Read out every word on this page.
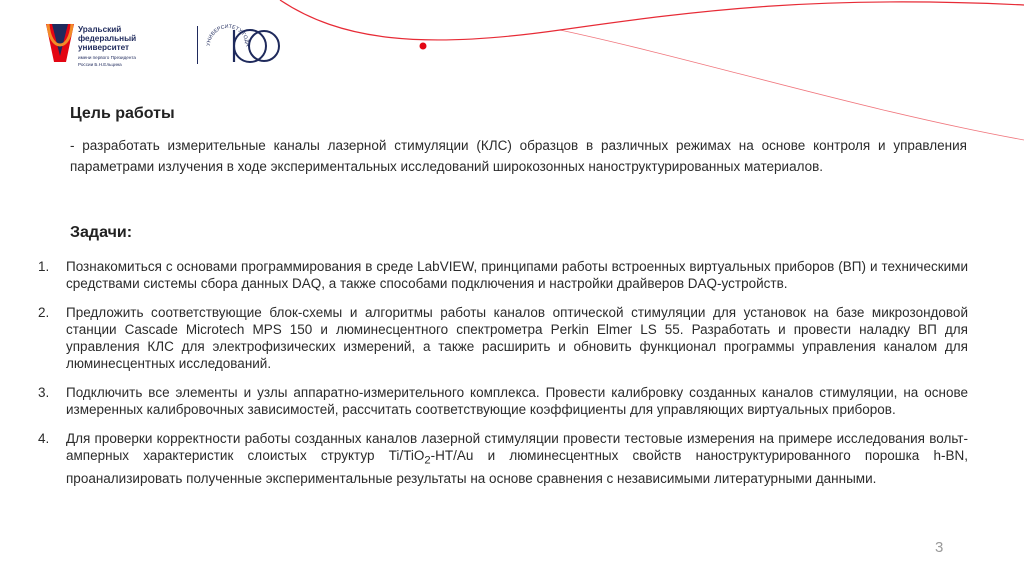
Уральский
федеральный
университет
имени первого Президента
России Б.Н.Ельцина
УНИВЕРСИТЕТУ ГОДА
Цель работы
- разработать измерительные каналы лазерной стимуляции (КЛС) образцов в различных режимах на основе контроля и управления параметрами излучения в ходе экспериментальных исследований широкозонных наноструктурированных материалов.
Задачи:
1. Познакомиться с основами программирования в среде LabVIEW, принципами работы встроенных виртуальных приборов (ВП) и техническими средствами системы сбора данных DAQ, а также способами подключения и настройки драйверов DAQ-устройств.
2. Предложить соответствующие блок-схемы и алгоритмы работы каналов оптической стимуляции для установок на базе микрозондовой станции Cascade Microtech MPS 150 и люминесцентного спектрометра Perkin Elmer LS 55. Разработать и провести наладку ВП для управления КЛС для электрофизических измерений, а также расширить и обновить функционал программы управления каналом для люминесцентных исследований.
3. Подключить все элементы и узлы аппаратно-измерительного комплекса. Провести калибровку созданных каналов стимуляции, на основе измеренных калибровочных зависимостей, рассчитать соответствующие коэффициенты для управляющих виртуальных приборов.
4. Для проверки корректности работы созданных каналов лазерной стимуляции провести тестовые измерения на примере исследования вольт-амперных характеристик слоистых структур Ti/TiO$_2$-HT/Au и люминесцентных свойств наноструктурированного порошка h-BN, проанализировать полученные экспериментальные результаты на основе сравнения с независимыми литературными данными.
3
